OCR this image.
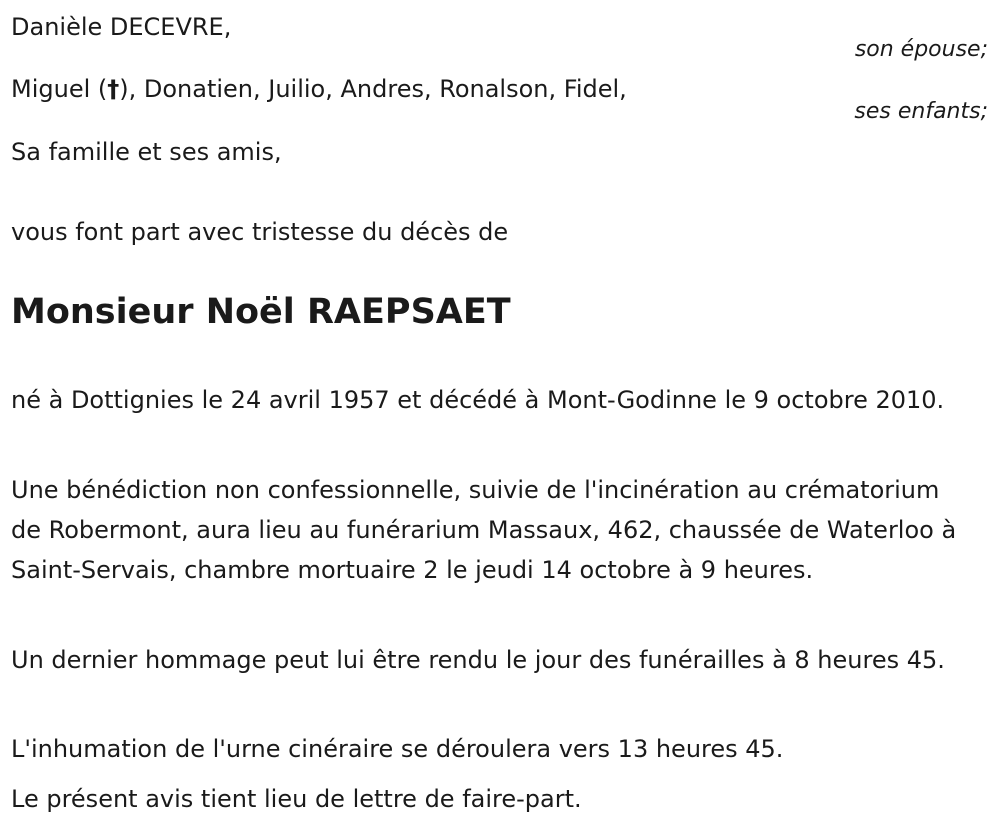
Danièle DECEVRE,
son épouse;
Miguel (†), Donatien, Juilio, Andres, Ronalson, Fidel,
ses enfants;
Sa famille et ses amis,
vous font part avec tristesse du décès de
Monsieur Noël RAEPSAET
né à Dottignies le 24 avril 1957 et décédé à Mont-Godinne le 9 octobre 2010.
Une bénédiction non confessionnelle, suivie de l'incinération au crématorium de Robermont, aura lieu au funérarium Massaux, 462, chaussée de Waterloo à Saint-Servais, chambre mortuaire 2 le jeudi 14 octobre à 9 heures.
Un dernier hommage peut lui être rendu le jour des funérailles à 8 heures 45.
L'inhumation de l'urne cinéraire se déroulera vers 13 heures 45.
Le présent avis tient lieu de lettre de faire-part.
